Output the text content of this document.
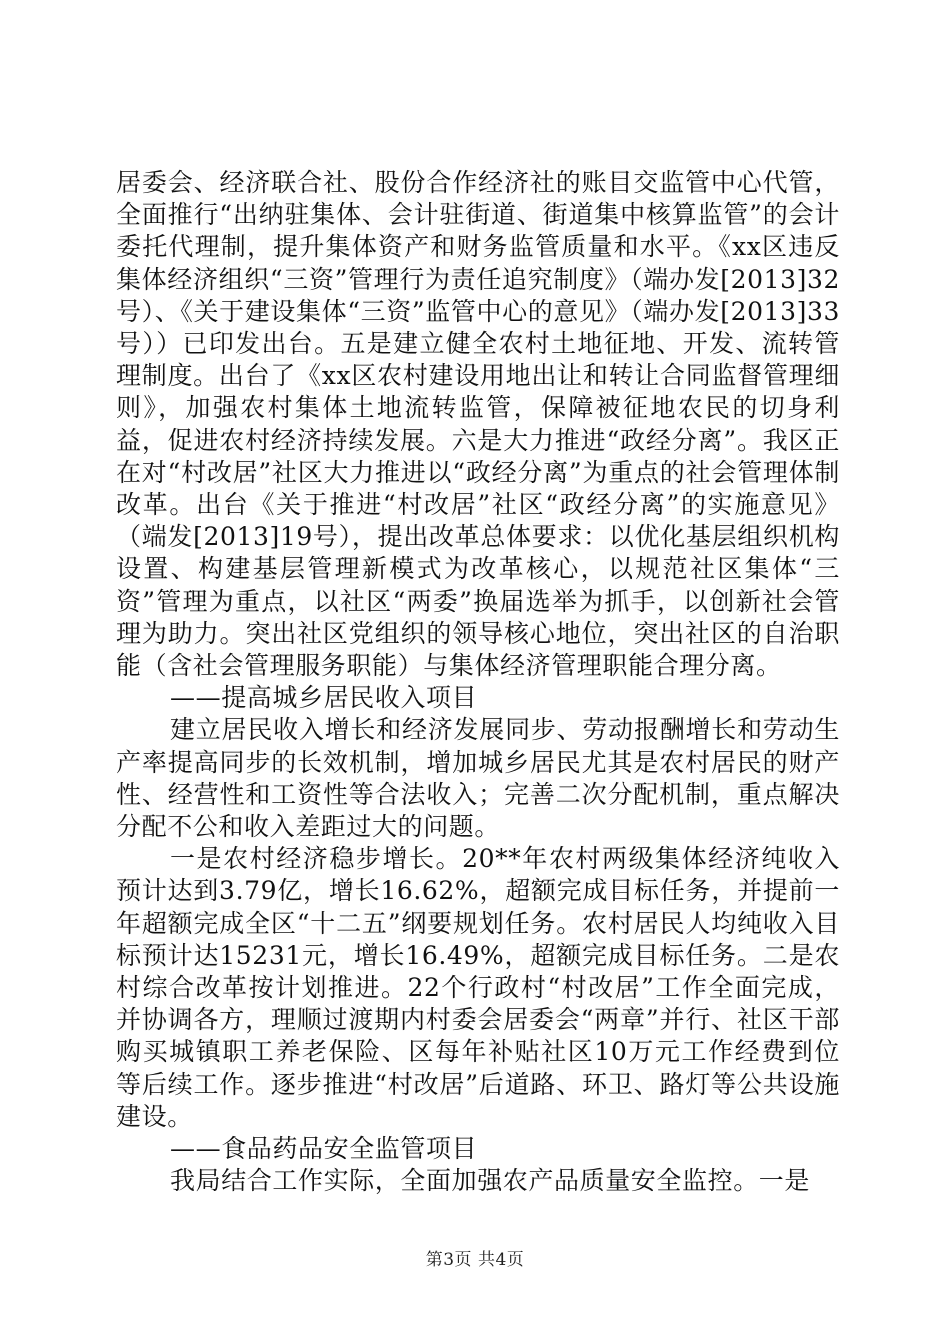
居委会、经济联合社、股份合作经济社的账目交监管中心代管，全面推行“出纳驻集体、会计驻街道、街道集中核算监管”的会计委托代理制，提升集体资产和财务监管质量和水平。《xx区违反集体经济组织“三资”管理行为责任追究制度》（端办发[2013]32号）、《关于建设集体“三资”监管中心的意见》（端办发[2013]33号））已印发出台。五是建立健全农村土地征地、开发、流转管理制度。出台了《xx区农村建设用地出让和转让合同监督管理细则》，加强农村集体土地流转监管，保障被征地农民的切身利益，促进农村经济持续发展。六是大力推进“政经分离”。我区正在对“村改居”社区大力推进以“政经分离”为重点的社会管理体制改革。出台《关于推进“村改居”社区“政经分离”的实施意见》（端发[2013]19号），提出改革总体要求：以优化基层组织机构设置、构建基层管理新模式为改革核心，以规范社区集体“三资”管理为重点，以社区“两委”换届选举为抓手，以创新社会管理为助力。突出社区党组织的领导核心地位，突出社区的自治职能（含社会管理服务职能）与集体经济管理职能合理分离。

——提高城乡居民收入项目

建立居民收入增长和经济发展同步、劳动报酬增长和劳动生产率提高同步的长效机制，增加城乡居民尤其是农村居民的财产性、经营性和工资性等合法收入；完善二次分配机制，重点解决分配不公和收入差距过大的问题。

一是农村经济稳步增长。20**年农村两级集体经济纯收入预计达到3.79亿，增长16.62%，超额完成目标任务，并提前一年超额完成全区“十二五”纲要规划任务。农村居民人均纯收入目标预计达15231元，增长16.49%，超额完成目标任务。二是农村综合改革按计划推进。22个行政村“村改居”工作全面完成，并协调各方，理顺过渡期内村委会居委会“两章”并行、社区干部购买城镇职工养老保险、区每年补贴社区10万元工作经费到位等后续工作。逐步推进“村改居”后道路、环卫、路灯等公共设施建设。

——食品药品安全监管项目

我局结合工作实际，全面加强农产品质量安全监控。一是

第3页 共4页
